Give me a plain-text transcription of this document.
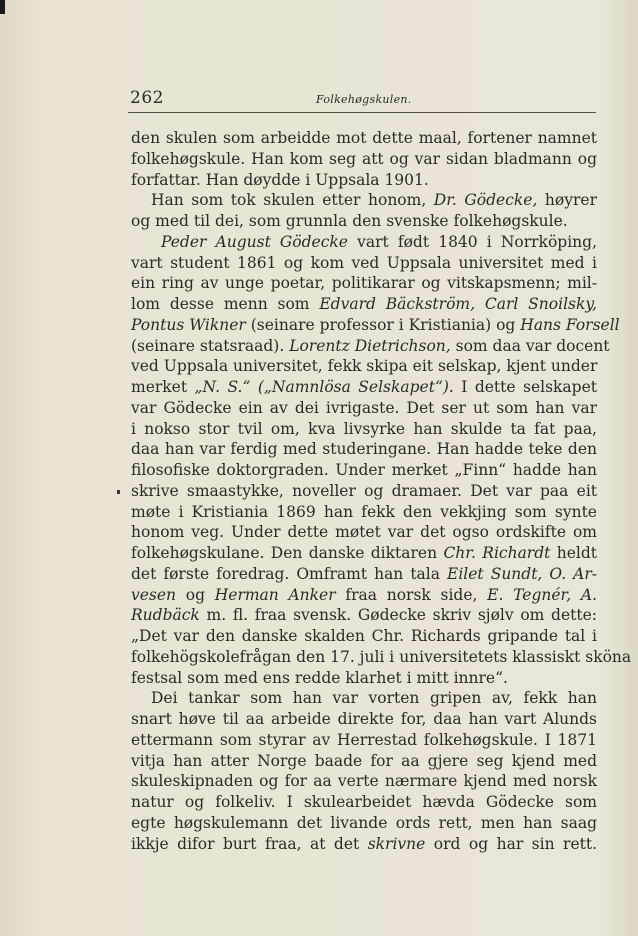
262	Folkehøgskulen.
den skulen som arbeidde mot dette maal, fortener namnet
folkehøgskule. Han kom seg att og var sidan bladmann og
forfattar. Han døydde i Uppsala 1901.
Han som tok skulen etter honom, Dr. Gödecke, høyrer
og med til dei, som grunnla den svenske folkehøgskule.
Peder August Gödecke vart født 1840 i Norrköping,
vart student 1861 og kom ved Uppsala universitet med i
ein ring av unge poetar, politikarar og vitskapsmenn; mil-
lom desse menn som Edvard Bäckström, Carl Snoilsky,
Pontus Wikner (seinare professor i Kristiania) og Hans Forsell
(seinare statsraad). Lorentz Dietrichson, som daa var docent
ved Uppsala universitet, fekk skipa eit selskap, kjent under
merket „N. S.“ („Namnlösa Selskapet“). I dette selskapet
var Gödecke ein av dei ivrigaste. Det ser ut som han var
i nokso stor tvil om, kva livsyrke han skulde ta fat paa,
daa han var ferdig med studeringane. Han hadde teke den
filosofiske doktorgraden. Under merket „Finn“ hadde han
skrive smaastykke, noveller og dramaer. Det var paa eit
møte i Kristiania 1869 han fekk den vekkjing som synte
honom veg. Under dette møtet var det ogso ordskifte om
folkehøgskulane. Den danske diktaren Chr. Richardt heldt
det første foredrag. Omframt han tala Eilet Sundt, O. Ar-
vesen og Herman Anker fraa norsk side, E. Tegnér, A.
Rudbäck m. fl. fraa svensk. Gødecke skriv sjølv om dette:
„Det var den danske skalden Chr. Richards gripande tal i
folkehögskolefrågan den 17. juli i universitetets klassiskt sköna
festsal som med ens redde klarhet i mitt innre“.
Dei tankar som han var vorten gripen av, fekk han
snart høve til aa arbeide direkte for, daa han vart Alunds
ettermann som styrar av Herrestad folkehøgskule. I 1871
vitja han atter Norge baade for aa gjere seg kjend med
skuleskipnaden og for aa verte nærmare kjend med norsk
natur og folkeliv. I skulearbeidet hævda Gödecke som
egte høgskulemann det livande ords rett, men han saag
ikkje difor burt fraa, at det skrivne ord og har sin rett.
